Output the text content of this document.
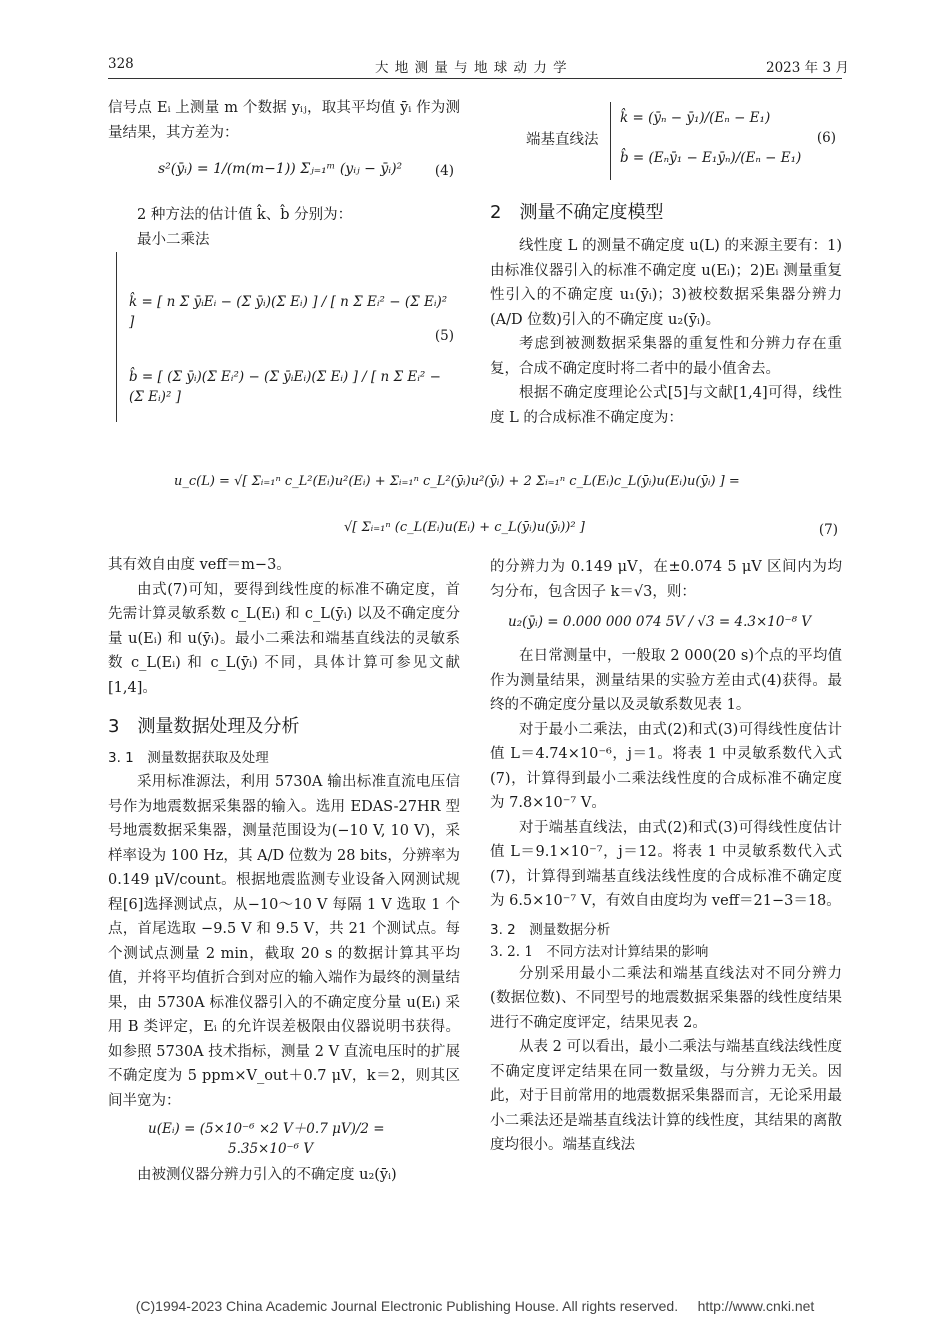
328	大 地 测 量 与 地 球 动 力 学	2023 年 3 月

信号点 Eᵢ 上测量 m 个数据 yᵢⱼ，取其平均值 ȳᵢ 作为测量结果，其方差为：

s²(ȳᵢ) = 1/(m(m−1)) Σⱼ₌₁ᵐ (yᵢⱼ − ȳᵢ)² (4)

2 种方法的估计值 k̂、b̂ 分别为：

最小二乘法

k̂ = [ n Σ ȳᵢEᵢ − (Σ ȳᵢ)(Σ Eᵢ) ] / [ n Σ Eᵢ² − (Σ Eᵢ)² ]
b̂ = [ (Σ ȳᵢ)(Σ Eᵢ²) − (Σ ȳᵢEᵢ)(Σ Eᵢ) ] / [ n Σ Eᵢ² − (Σ Eᵢ)² ]
(5)
端基直线法
k̂ = (ȳₙ − ȳ₁)/(Eₙ − E₁)
b̂ = (Eₙȳ₁ − E₁ȳₙ)/(Eₙ − E₁)
(6)

2　测量不确定度模型

线性度 L 的测量不确定度 u(L) 的来源主要有：1)由标准仪器引入的标准不确定度 u(Eᵢ)；2)Eᵢ 测量重复性引入的不确定度 u₁(ȳᵢ)；3)被校数据采集器分辨力(A/D 位数)引入的不确定度 u₂(ȳᵢ)。

考虑到被测数据采集器的重复性和分辨力存在重复，合成不确定度时将二者中的最小值舍去。

根据不确定度理论公式[5]与文献[1,4]可得，线性度 L 的合成标准不确定度为：

u_c(L) = √[ Σᵢ₌₁ⁿ c_L²(Eᵢ)u²(Eᵢ) + Σᵢ₌₁ⁿ c_L²(ȳᵢ)u²(ȳᵢ) + 2 Σᵢ₌₁ⁿ c_L(Eᵢ)c_L(ȳᵢ)u(Eᵢ)u(ȳᵢ) ] =
√[ Σᵢ₌₁ⁿ (c_L(Eᵢ)u(Eᵢ) + c_L(ȳᵢ)u(ȳᵢ))² ]	(7)

其有效自由度 veff＝m−3。

由式(7)可知，要得到线性度的标准不确定度，首先需计算灵敏系数 c_L(Eᵢ) 和 c_L(ȳᵢ) 以及不确定度分量 u(Eᵢ) 和 u(ȳᵢ)。最小二乘法和端基直线法的灵敏系数 c_L(Eᵢ) 和 c_L(ȳᵢ) 不同，具体计算可参见文献[1,4]。

3　测量数据处理及分析

3. 1　测量数据获取及处理

采用标准源法，利用 5730A 输出标准直流电压信号作为地震数据采集器的输入。选用 EDAS-27HR 型号地震数据采集器，测量范围设为(−10 V, 10 V)，采样率设为 100 Hz，其 A/D 位数为 28 bits，分辨率为 0.149 μV/count。根据地震监测专业设备入网测试规程[6]选择测试点，从−10～10 V 每隔 1 V 选取 1 个点，首尾选取 −9.5 V 和 9.5 V，共 21 个测试点。每个测试点测量 2 min，截取 20 s 的数据计算其平均值，并将平均值折合到对应的输入端作为最终的测量结果，由 5730A 标准仪器引入的不确定度分量 u(Eᵢ) 采用 B 类评定，Eᵢ 的允许误差极限由仪器说明书获得。如参照 5730A 技术指标，测量 2 V 直流电压时的扩展不确定度为 5 ppm×V_out＋0.7 μV，k＝2，则其区间半宽为：

u(Eᵢ) = (5×10⁻⁶ ×2 V＋0.7 μV)/2 =
5.35×10⁻⁶ V

由被测仪器分辨力引入的不确定度 u₂(ȳᵢ)

的分辨力为 0.149 μV，在±0.074 5 μV 区间内为均匀分布，包含因子 k＝√3，则：

u₂(ȳᵢ) = 0.000 000 074 5V / √3 = 4.3×10⁻⁸ V

在日常测量中，一般取 2 000(20 s)个点的平均值作为测量结果，测量结果的实验方差由式(4)获得。最终的不确定度分量以及灵敏系数见表 1。

对于最小二乘法，由式(2)和式(3)可得线性度估计值 L＝4.74×10⁻⁶，j＝1。将表 1 中灵敏系数代入式(7)，计算得到最小二乘法线性度的合成标准不确定度为 7.8×10⁻⁷ V。

对于端基直线法，由式(2)和式(3)可得线性度估计值 L＝9.1×10⁻⁷，j＝12。将表 1 中灵敏系数代入式(7)，计算得到端基直线法线性度的合成标准不确定度为 6.5×10⁻⁷ V，有效自由度均为 veff＝21−3＝18。

3. 2　测量数据分析

3. 2. 1　不同方法对计算结果的影响

分别采用最小二乘法和端基直线法对不同分辨力(数据位数)、不同型号的地震数据采集器的线性度结果进行不确定度评定，结果见表 2。

从表 2 可以看出，最小二乘法与端基直线法线性度不确定度评定结果在同一数量级，与分辨力无关。因此，对于目前常用的地震数据采集器而言，无论采用最小二乘法还是端基直线法计算的线性度，其结果的离散度均很小。端基直线法

(C)1994-2023 China Academic Journal Electronic Publishing House. All rights reserved. http://www.cnki.net
